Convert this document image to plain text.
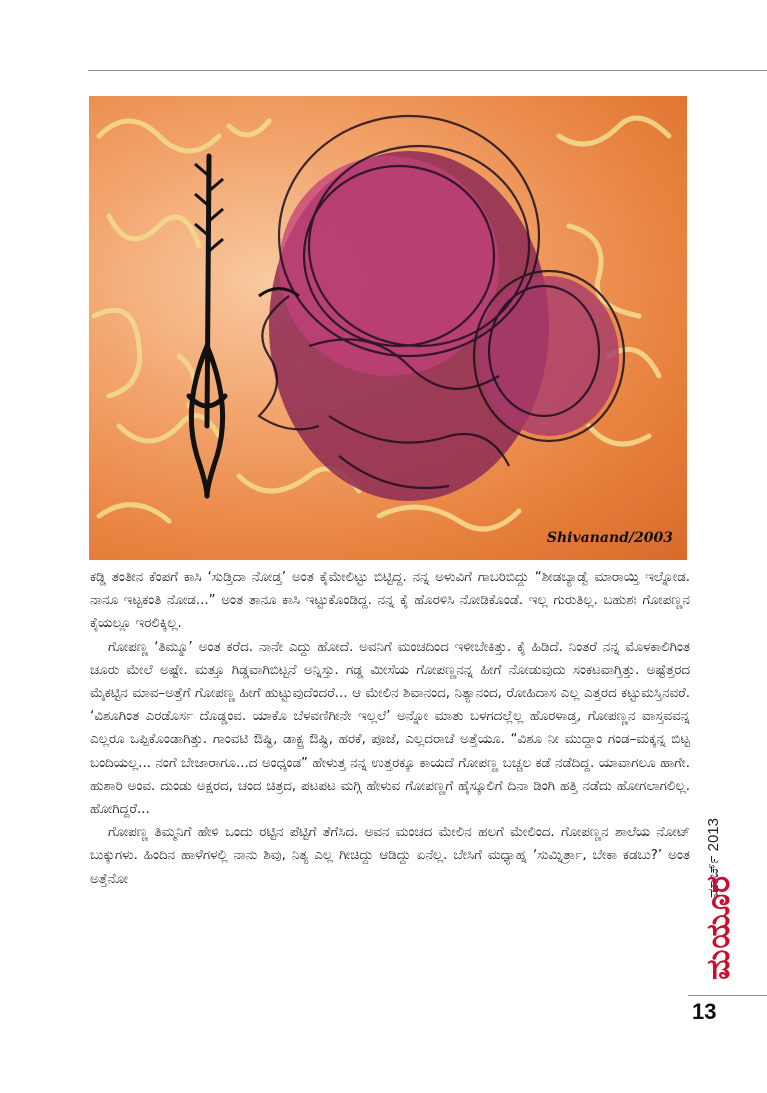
Shivanand/2003

ಕಡ್ಡಿ ತಂತೀನ ಕೆಂಪಗೆ ಕಾಸಿ ‘ಸುಡ್ತಿದಾ ನೋಡ್ತ’ ಅಂತ ಕೈಮೇಲಿಟ್ಟು ಬಿಟ್ಟಿದ್ದ. ನನ್ನ ಅಳುವಿಗೆ ಗಾಬರಿಬಿದ್ದು “ಶೀಡಬ್ಯಾಡ್ವೆ ಮಾರಾಯ್ತಿ ಇಲ್ನೋಡ. ನಾನೂ ಇಟ್ಟಕಂತಿ ನೋಡ...” ಅಂತ ತಾನೂ ಕಾಸಿ ಇಟ್ಟುಕೊಂಡಿದ್ದ. ನನ್ನ ಕೈ ಹೊರಳಿಸಿ ನೋಡಿಕೊಂಡೆ. ಇಲ್ಲ ಗುರುತಿಲ್ಲ. ಬಹುಶಃ ಗೋಪಣ್ಣನ ಕೈಯಲ್ಲೂ ಇರಲಿಕ್ಕಿಲ್ಲ.

ಗೋಪಣ್ಣ ‘ತಿಮ್ಮೂ’ ಅಂತ ಕರೆದ. ನಾನೇ ಎದ್ದು ಹೋದೆ. ಅವನಿಗೆ ಮಂಚದಿಂದ ಇಳೀಬೇಕಿತ್ತು. ಕೈ ಹಿಡಿದೆ. ನಿಂತರೆ ನನ್ನ ಮೊಳಕಾಲಿಗಿಂತ ಚೂರು ಮೇಲೆ ಅಷ್ಟೇ. ಮತ್ತೂ ಗಿಡ್ಡವಾಗಿಬಿಟ್ಟನೆ ಅನ್ನಿಸ್ತು. ಗಡ್ಡ ಮೀಸೆಯ ಗೋಪಣ್ಣನನ್ನ ಹೀಗೆ ನೋಡುವುದು ಸಂಕಟವಾಗ್ತಿತ್ತು. ಅಷ್ಟೆತ್ತರದ ಮೈಕಟ್ಟಿನ ಮಾವ–ಅತ್ತೆಗೆ ಗೋಪಣ್ಣ ಹೀಗೆ ಹುಟ್ಟುವುದೆಂದರೆ... ಆ ಮೇಲಿನ ಶಿವಾನಂದ, ನಿತ್ಯಾನಂದ, ರೋಹಿದಾಸ ಎಲ್ಲ ಎತ್ತರದ ಕಟ್ಟುಮಸ್ತಿನವರೆ. ‘ವಿಶೂಗಿಂತ ಎರಡೊರ್ಸ ದೊಡ್ಡಂವ. ಯಾಕೊ ಬೆಳವಣಿಗೀನೇ ಇಲ್ಲಲೆ’ ಅನ್ನೋ ಮಾತು ಬಳಗದಲ್ಲೆಲ್ಲ ಹೊರಳಾಡ್ತ, ಗೋಪಣ್ಣನ ವಾಸ್ತವವನ್ನ ಎಲ್ಲರೂ ಒಪ್ಪಿಕೊಂಡಾಗಿತ್ತು. ಗಾಂವಟಿ ಔಷ್ಧಿ, ಡಾಕ್ಟ್ರ ಔಷ್ಧಿ, ಹರಕೆ, ಪೂಜೆ, ಎಲ್ಲದರಾಚೆ ಅತ್ತೆಯೂ. “ವಿಶೂ ನೀ ಮುದ್ದಾಂ ಗಂಡ–ಮಕ್ಕನ್ನ ಬಿಟ್ಟ ಬಂದಿಯಲ್ಲ... ನಂಗೆ ಬೇಜಾರಾಗೂ...ದ ಅಂಧ್ಕಂಡ” ಹೇಳುತ್ತ ನನ್ನ ಉತ್ತರಕ್ಕೂ ಕಾಯದೆ ಗೋಪಣ್ಣ ಬಚ್ಚಲ ಕಡೆ ನಡೆದಿದ್ದ. ಯಾವಾಗಲೂ ಹಾಗೇ. ಹುಶಾರಿ ಅಂವ. ದುಂಡು ಅಕ್ಷರದ, ಚಂದ ಚಿತ್ರದ, ಪಟಪಟ ಮಗ್ಗಿ ಹೇಳುವ ಗೋಪಣ್ಣಗೆ ಹೈಸ್ಕೂಲಿಗೆ ದಿನಾ ಡಿಂಗಿ ಹತ್ತಿ ನಡೆದು ಹೋಗಲಾಗಲಿಲ್ಲ. ಹೋಗಿದ್ದರೆ...

ಗೋಪಣ್ಣ ತಿಮ್ಮನಿಗೆ ಹೇಳಿ ಒಂದು ರಟ್ಟಿನ ಪೆಟ್ಟಿಗೆ ತೆಗೆಸಿದ. ಅವನ ಮಂಚದ ಮೇಲಿನ ಹಲಗೆ ಮೇಲಿಂದ. ಗೋಪಣ್ಣನ ಶಾಲೆಯ ನೋಟ್ ಬುಕ್ಕುಗಳು. ಹಿಂದಿನ ಹಾಳೆಗಳಲ್ಲಿ ನಾನು ಶಿವು, ನಿತ್ಯ ಎಲ್ಲ ಗೀಚಿದ್ದು ಆಡಿದ್ದು ಏನೆಲ್ಲ. ಬೇಸಿಗೆ ಮಧ್ಯಾಹ್ನ ‘ಸುಮ್ನಿರ್ತ್ರಾ, ಬೇಕಾ ಕಡಬು?’ ಅಂತ ಅತ್ತೆನೋ	ಮಾರ್ಚ್ 2013
ಮಯೂರ
13
